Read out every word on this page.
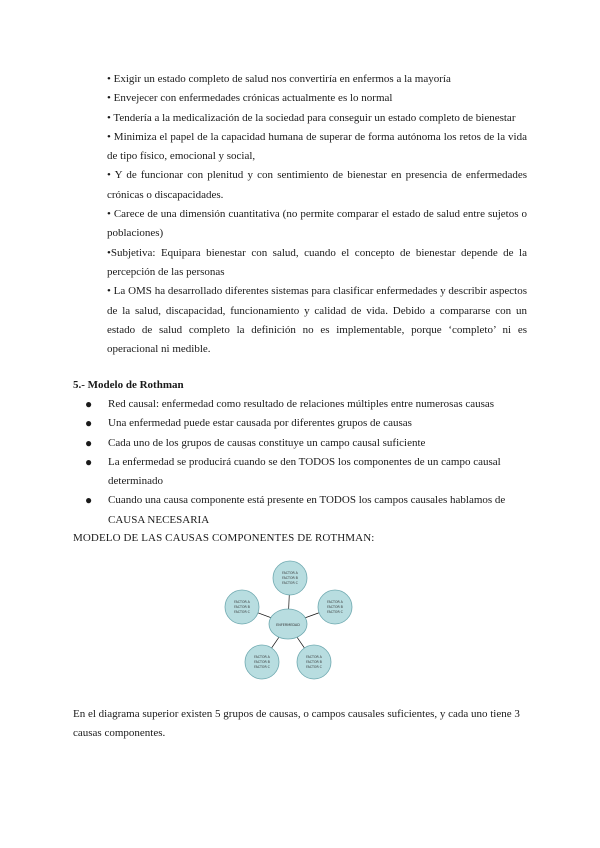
• Exigir un estado completo de salud nos convertiría en enfermos a la mayoría
• Envejecer con enfermedades crónicas actualmente es lo normal
• Tendería a la medicalización de la sociedad para conseguir un estado completo de bienestar
• Minimiza el papel de la capacidad humana de superar de forma autónoma los retos de la vida de tipo físico, emocional y social,
• Y de funcionar con plenitud y con sentimiento de bienestar en presencia de enfermedades crónicas o discapacidades.
• Carece de una dimensión cuantitativa (no permite comparar el estado de salud entre sujetos o poblaciones)
•Subjetiva: Equipara bienestar con salud, cuando el concepto de bienestar depende de la percepción de las personas
• La OMS ha desarrollado diferentes sistemas para clasificar enfermedades y describir aspectos de la salud, discapacidad, funcionamiento y calidad de vida. Debido a compararse con un estado de salud completo la definición no es implementable, porque ‘completo’ ni es operacional ni medible.

5.- Modelo de Rothman

● Red causal: enfermedad como resultado de relaciones múltiples entre numerosas causas
● Una enfermedad puede estar causada por diferentes grupos de causas
● Cada uno de los grupos de causas constituye un campo causal suficiente
● La enfermedad se producirá cuando se den TODOS los componentes de un campo causal determinado
● Cuando una causa componente está presente en TODOS los campos causales hablamos de CAUSA NECESARIA

MODELO DE LAS CAUSAS COMPONENTES DE ROTHMAN:

ENFERMEDAD
FACTOR A
FACTOR B
FACTOR C
FACTOR A
FACTOR B
FACTOR C
FACTOR A
FACTOR B
FACTOR C
FACTOR A
FACTOR B
FACTOR C
FACTOR A
FACTOR B
FACTOR C

En el diagrama superior existen 5 grupos de causas, o campos causales suficientes, y cada uno tiene 3 causas componentes.
